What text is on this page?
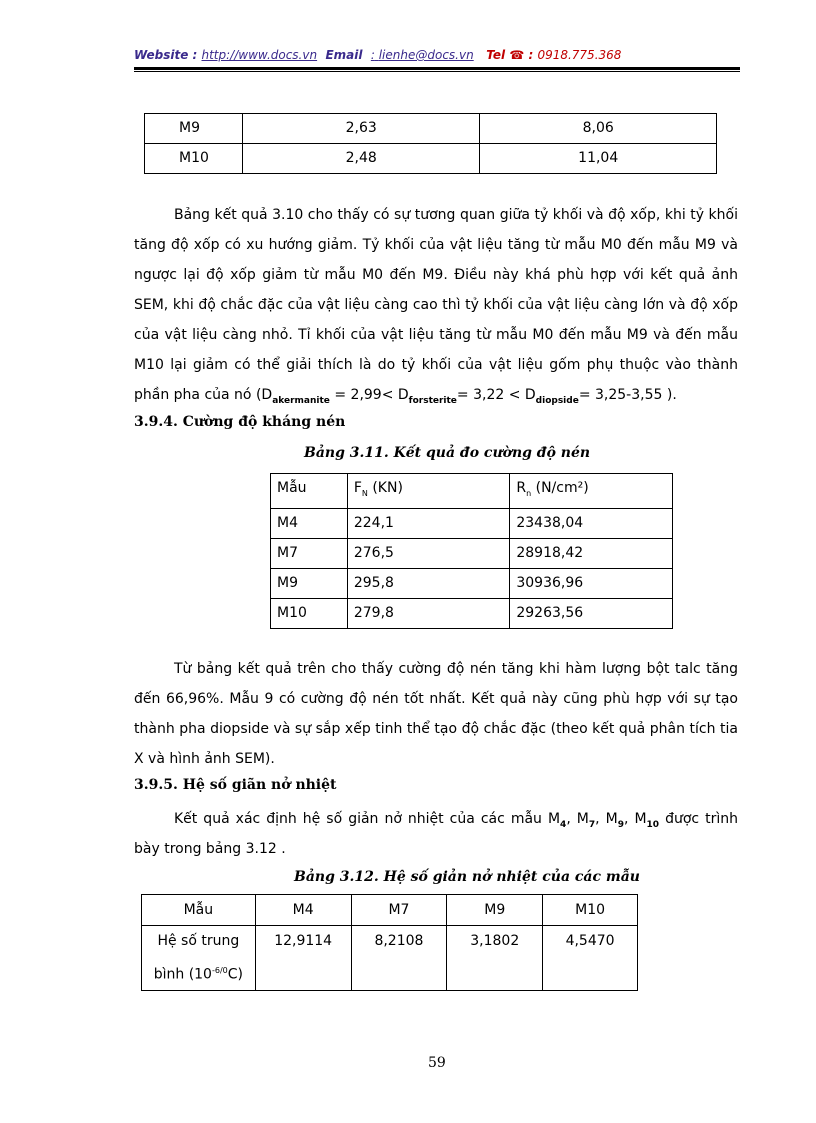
Website : http://www.docs.vn Email : lienhe@docs.vn Tel ☎ : 0918.775.368
M9	2,63	8,06
M10	2,48	11,04
Bảng kết quả 3.10 cho thấy có sự tương quan giữa tỷ khối và độ xốp, khi tỷ khối tăng độ xốp có xu hướng giảm. Tỷ khối của vật liệu tăng từ mẫu M0 đến mẫu M9 và ngược lại độ xốp giảm từ mẫu M0 đến M9. Điều này khá phù hợp với kết quả ảnh SEM, khi độ chắc đặc của vật liệu càng cao thì tỷ khối của vật liệu càng lớn và độ xốp của vật liệu càng nhỏ. Tỉ khối của vật liệu tăng từ mẫu M0 đến mẫu M9 và đến mẫu M10 lại giảm có thể giải thích là do tỷ khối của vật liệu gốm phụ thuộc vào thành phần pha của nó ($D_{akermanite} = 2,99< D_{forsterite}= 3,22 < D_{diopside}= 3,25-3,55$ ).
3.9.4. Cường độ kháng nén
Bảng 3.11. Kết quả đo cường độ nén
Mẫu	$F_N$ (KN)	$R_n$ (N/cm²)
M4	224,1	23438,04
M7	276,5	28918,42
M9	295,8	30936,96
M10	279,8	29263,56
Từ bảng kết quả trên cho thấy cường độ nén tăng khi hàm lượng bột talc tăng đến 66,96%. Mẫu 9 có cường độ nén tốt nhất. Kết quả này cũng phù hợp với sự tạo thành pha diopside và sự sắp xếp tinh thể tạo độ chắc đặc (theo kết quả phân tích tia X và hình ảnh SEM).
3.9.5. Hệ số giãn nở nhiệt
Kết quả xác định hệ số giản nở nhiệt của các mẫu $M_4$, $M_7$, $M_9$, $M_{10}$ được trình bày trong bảng 3.12 .
Bảng 3.12. Hệ số giản nở nhiệt của các mẫu
Mẫu	M4	M7	M9	M10
Hệ số trung
bình $(10^{-6/0}C)$	12,9114	8,2108	3,1802	4,5470
59
